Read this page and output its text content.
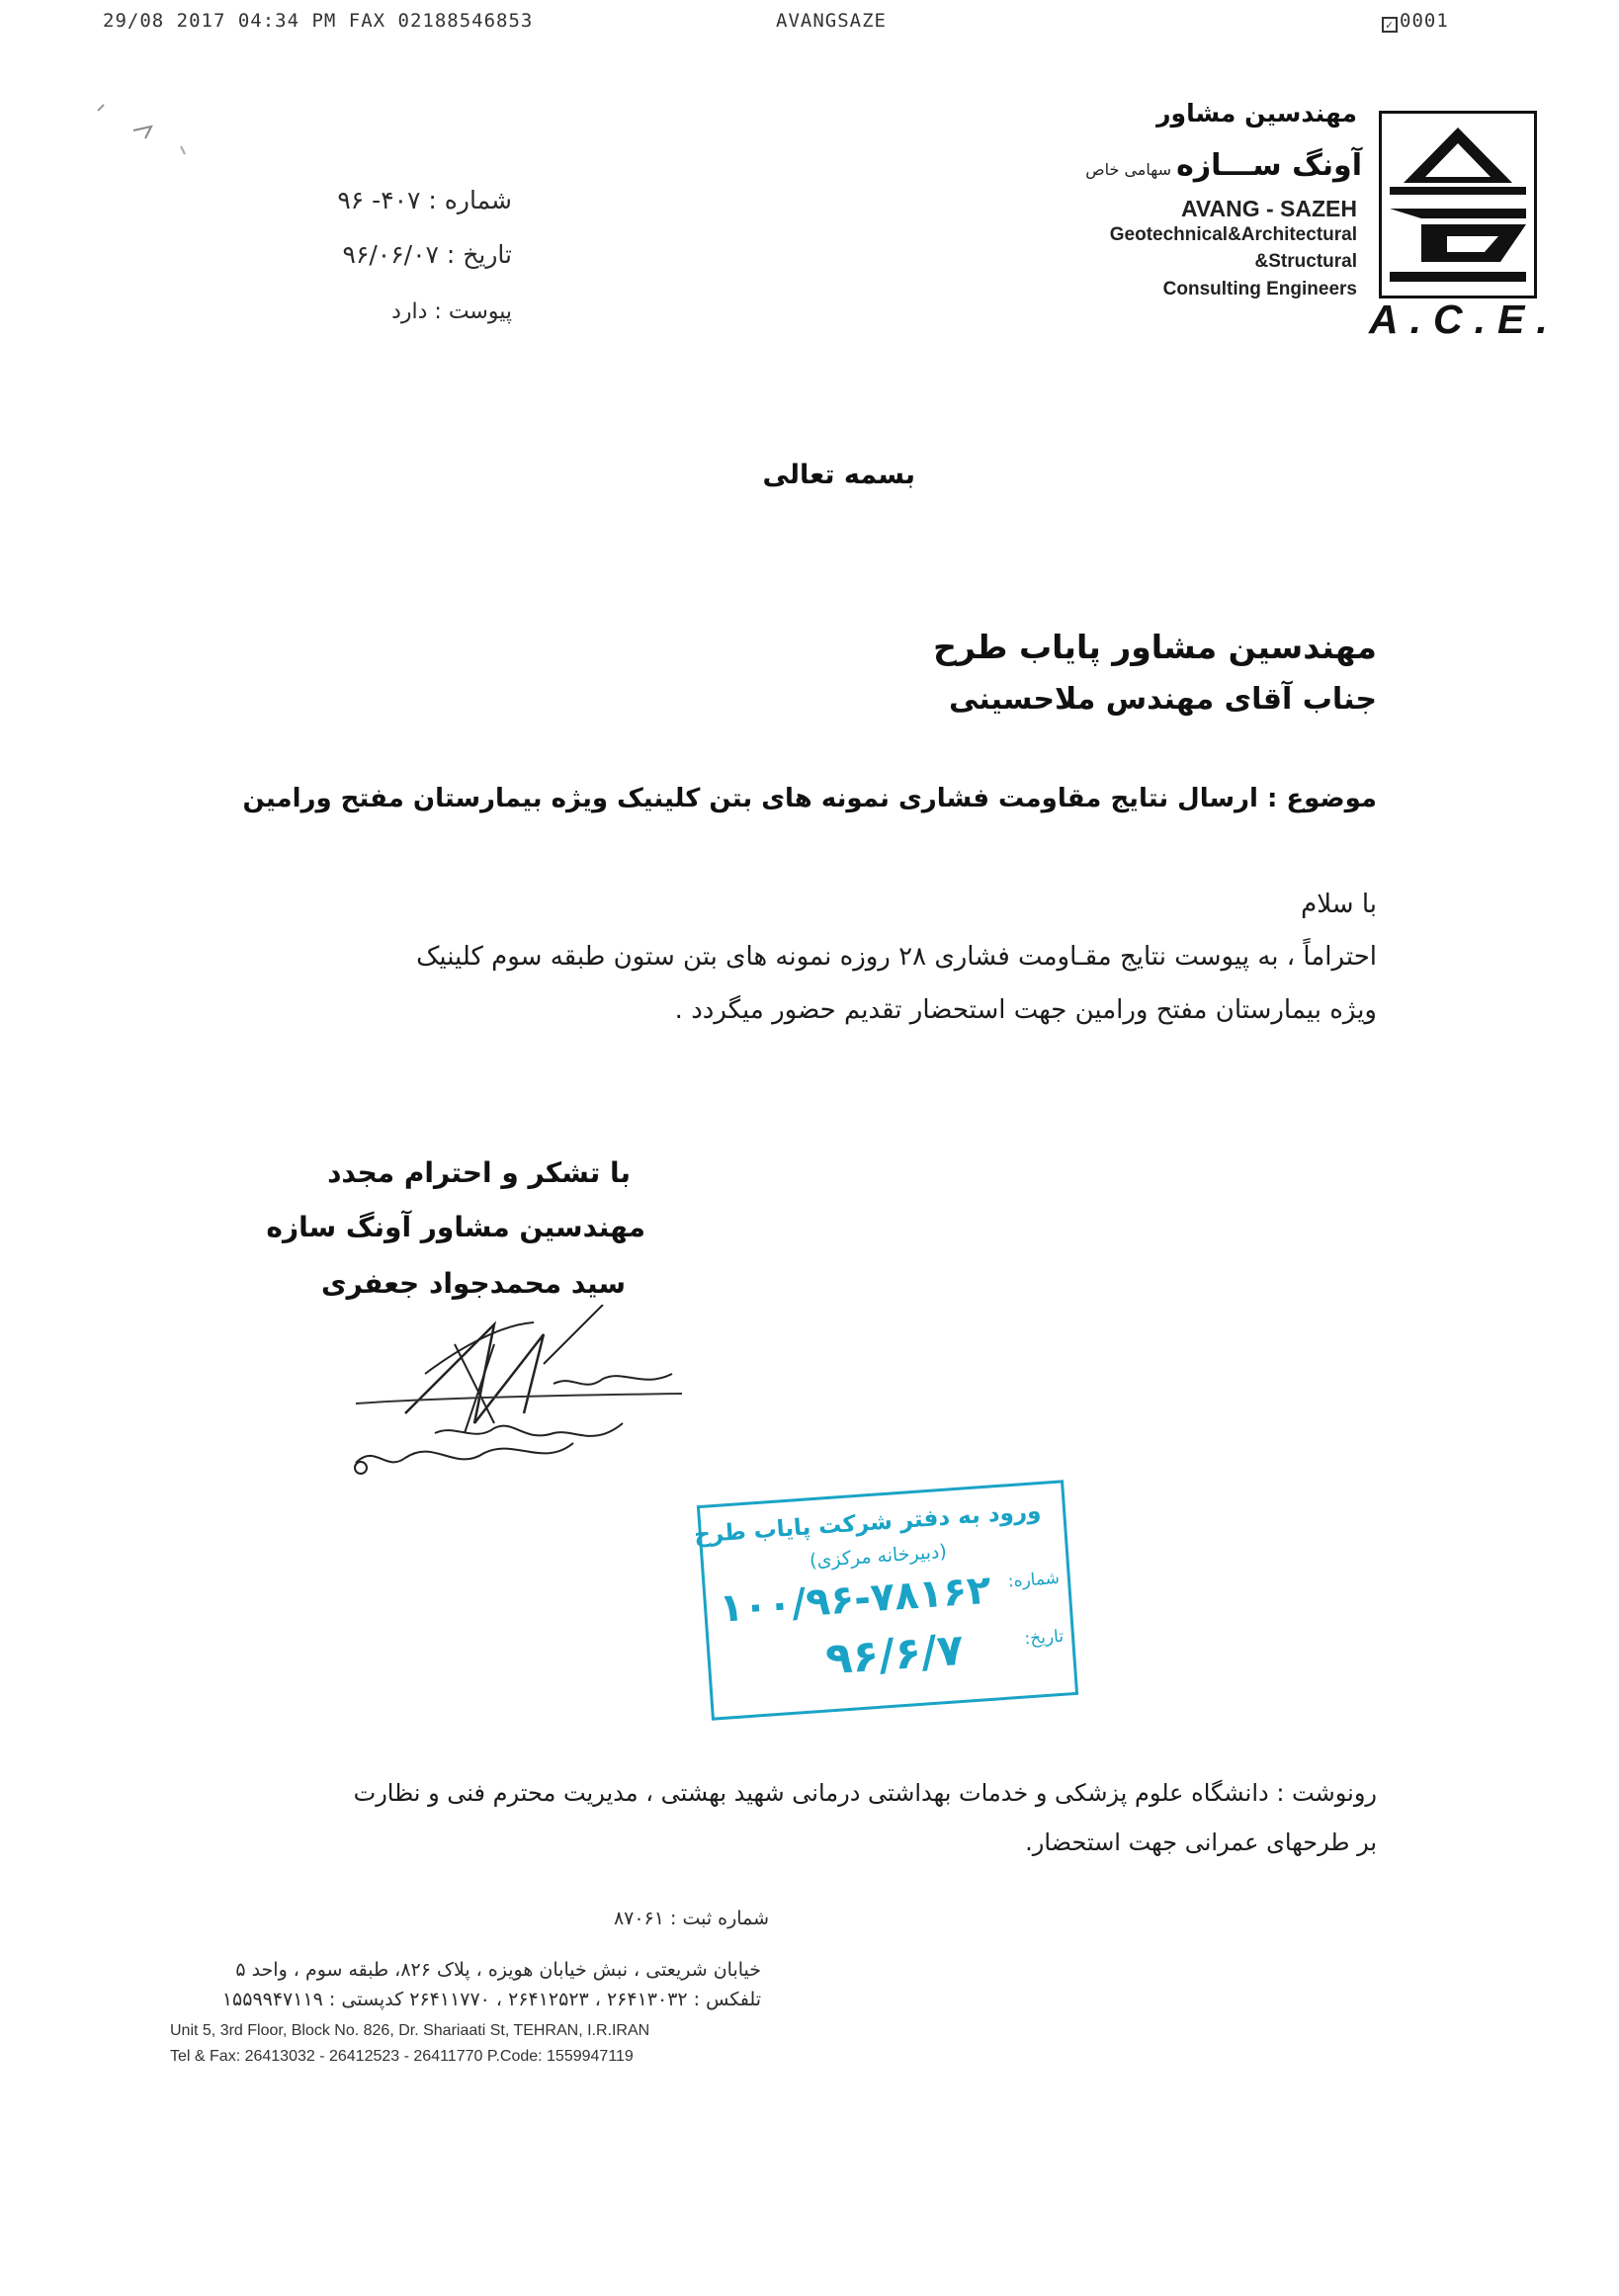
29/08 2017 04:34 PM FAX 02188546853	AVANGSAZE	✓ 0001
شماره : ۴۰۷- ۹۶
تاریخ : ۹۶/۰۶/۰۷
پیوست : دارد
مهندسین مشاور
آونگ ســـازه سهامی خاص
AVANG - SAZEH
Geotechnical&Architectural
&Structural
Consulting Engineers
A.C.E.
بسمه تعالی
مهندسین مشاور پایاب طرح
جناب آقای مهندس ملاحسینی
موضوع : ارسال نتایج مقاومت فشاری نمونه های بتن کلینیک ویژه بیمارستان مفتح ورامین
با سلام
احتراماً ، به پیوست نتایج مقـاومت فشاری ۲۸ روزه نمونه های بتن ستون طبقه سوم کلینیک
ویژه بیمارستان مفتح ورامین جهت استحضار تقدیم حضور میگردد .
با تشکر و احترام مجدد
مهندسین مشاور آونگ سازه
سید محمدجواد جعفری
ورود به دفتر شرکت پایاب طرح
(دبیرخانه مرکزی)
شماره:
۱۰۰/۹۶-۷۸۱۶۲
تاریخ:
۹۶/۶/۷
رونوشت : دانشگاه علوم پزشکی و خدمات بهداشتی درمانی شهید بهشتی ، مدیریت محترم فنی و نظارت
بر طرحهای عمرانی جهت استحضار.
شماره ثبت : ۸۷۰۶۱
خیابان شریعتی ، نبش خیابان هویزه ، پلاک ۸۲۶، طبقه سوم ، واحد ۵
تلفکس : ۲۶۴۱۳۰۳۲ ، ۲۶۴۱۲۵۲۳ ، ۲۶۴۱۱۷۷۰ کدپستی : ۱۵۵۹۹۴۷۱۱۹
Unit 5, 3rd Floor, Block No. 826, Dr. Shariaati St, TEHRAN, I.R.IRAN
Tel & Fax: 26413032 - 26412523 - 26411770 P.Code: 1559947119
